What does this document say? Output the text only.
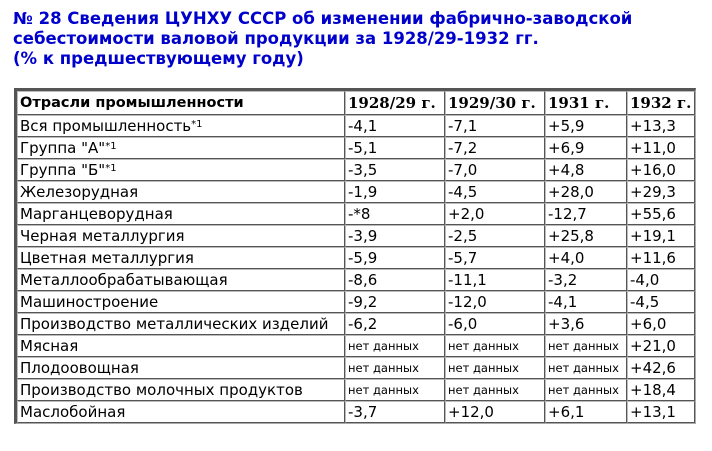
№ 28 Сведения ЦУНХУ СССР об изменении фабрично-заводской
себестоимости валовой продукции за 1928/29-1932 гг.
(% к предшествующему году)
Отрасли промышленности	1928/29 г.	1929/30 г.	1931 г.	1932 г.
Вся промышленность$^{*1}$	-4,1	-7,1	+5,9	+13,3
Группа "А"$^{*1}$	-5,1	-7,2	+6,9	+11,0
Группа "Б"$^{*1}$	-3,5	-7,0	+4,8	+16,0
Железорудная	-1,9	-4,5	+28,0	+29,3
Марганцеворудная	-*8	+2,0	-12,7	+55,6
Черная металлургия	-3,9	-2,5	+25,8	+19,1
Цветная металлургия	-5,9	-5,7	+4,0	+11,6
Металлообрабатывающая	-8,6	-11,1	-3,2	-4,0
Машиностроение	-9,2	-12,0	-4,1	-4,5
Производство металлических изделий	-6,2	-6,0	+3,6	+6,0
Мясная	нет данных	нет данных	нет данных	+21,0
Плодоовощная	нет данных	нет данных	нет данных	+42,6
Производство молочных продуктов	нет данных	нет данных	нет данных	+18,4
Маслобойная	-3,7	+12,0	+6,1	+13,1
